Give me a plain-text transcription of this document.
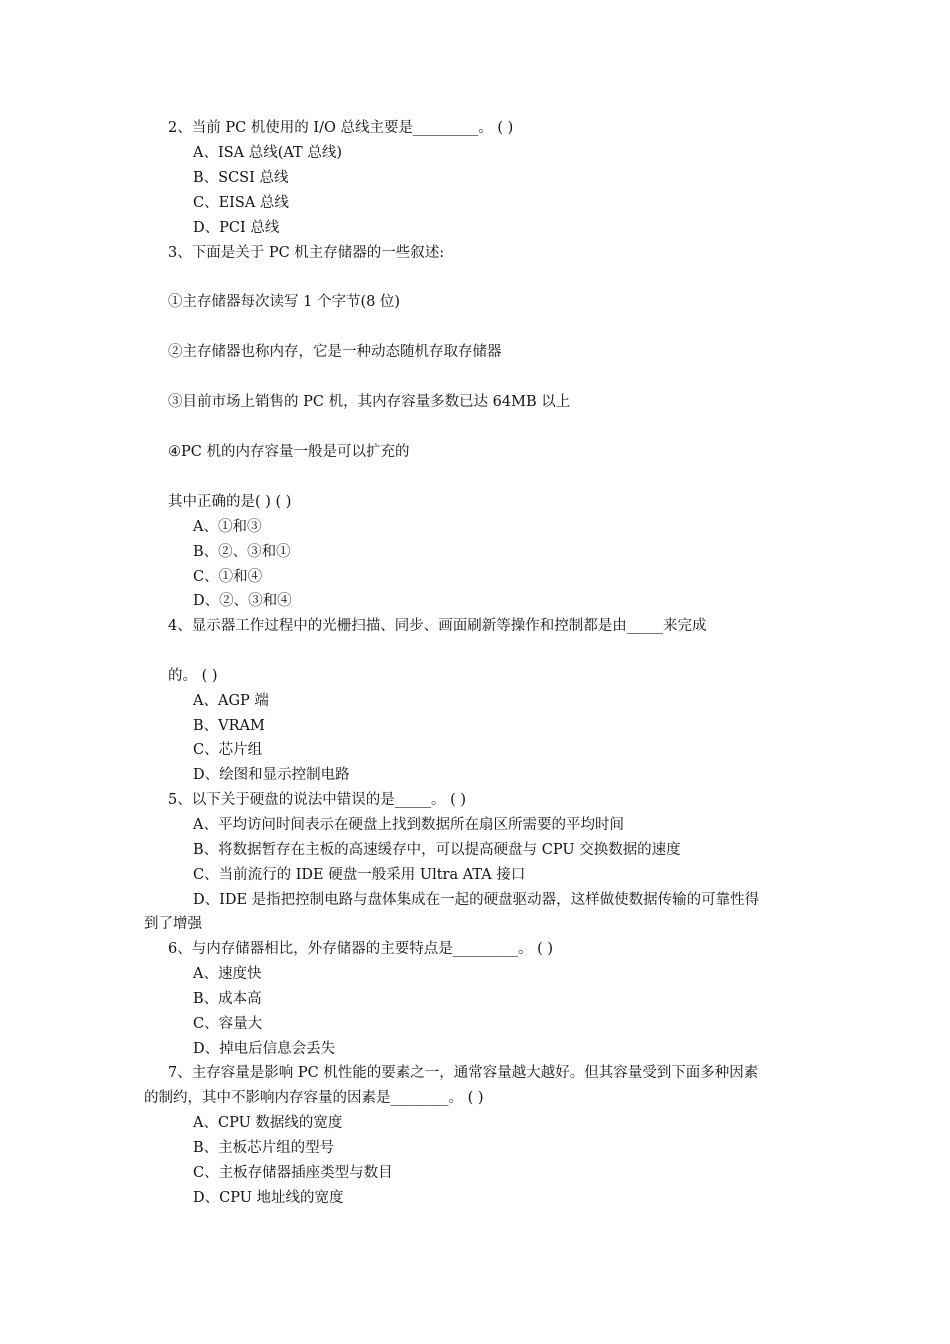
2、当前 PC 机使用的 I/O 总线主要是_________。 ( )
A、ISA 总线(AT 总线)
B、SCSI 总线
C、EISA 总线
D、PCI 总线
3、下面是关于 PC 机主存储器的一些叙述:
①主存储器每次读写 1 个字节(8 位)
②主存储器也称内存，它是一种动态随机存取存储器
③目前市场上销售的 PC 机，其内存容量多数已达 64MB 以上
④PC 机的内存容量一般是可以扩充的
其中正确的是( ) ( )
A、①和③
B、②、③和①
C、①和④
D、②、③和④
4、显示器工作过程中的光栅扫描、同步、画面刷新等操作和控制都是由_____来完成
的。 ( )
A、AGP 端
B、VRAM
C、芯片组
D、绘图和显示控制电路
5、以下关于硬盘的说法中错误的是_____。 ( )
A、平均访问时间表示在硬盘上找到数据所在扇区所需要的平均时间
B、将数据暂存在主板的高速缓存中，可以提高硬盘与 CPU 交换数据的速度
C、当前流行的 IDE 硬盘一般采用 Ultra ATA 接口
D、IDE 是指把控制电路与盘体集成在一起的硬盘驱动器，这样做使数据传输的可靠性得
到了增强
6、与内存储器相比，外存储器的主要特点是_________。 ( )
A、速度快
B、成本高
C、容量大
D、掉电后信息会丢失
7、主存容量是影响 PC 机性能的要素之一，通常容量越大越好。但其容量受到下面多种因素
的制约，其中不影响内存容量的因素是________。 ( )
A、CPU 数据线的宽度
B、主板芯片组的型号
C、主板存储器插座类型与数目
D、CPU 地址线的宽度
